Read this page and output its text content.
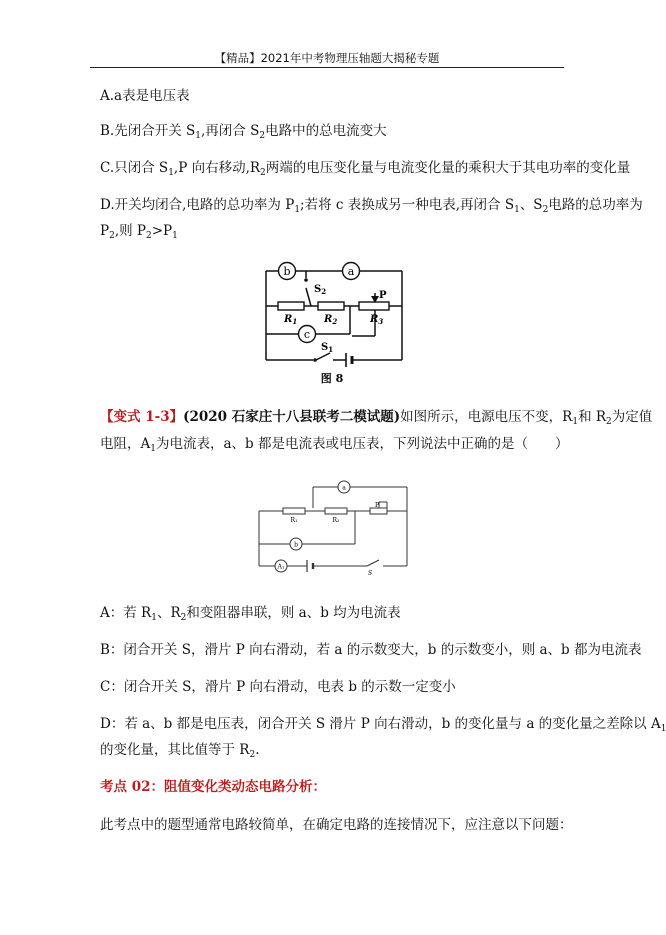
【精品】2021年中考物理压轴题大揭秘专题
A.a表是电压表
B.先闭合开关 $S_1$,再闭合 $S_2$电路中的总电流变大
C.只闭合 $S_1,P$ 向右移动$,R_2$两端的电压变化量与电流变化量的乘积大于其电功率的变化量
D.开关均闭合,电路的总功率为 $P_1$;若将 c 表换成另一种电表,再闭合 $S_1$、$S_2$电路的总功率为
$P_2$,则 $P_2>P_1$
b	a
c
$S_2$	P
$R_1$	$R_2$	$R_3$
$S_1$
图 8
【变式 1-3】(2020 石家庄十八县联考二模试题)如图所示，电源电压不变，$R_1$和 $R_2$为定值
电阻，$A_1$为电流表，a、b 都是电流表或电压表，下列说法中正确的是（　　）
a
b
A₁
R₁	R₂
P
S
A：若 $R_1$、$R_2$和变阻器串联，则 a、b 均为电流表
B：闭合开关 S，滑片 P 向右滑动，若 a 的示数变大，b 的示数变小，则 a、b 都为电流表
C：闭合开关 S，滑片 P 向右滑动，电表 b 的示数一定变小
D：若 a、b 都是电压表，闭合开关 S 滑片 P 向右滑动，b 的变化量与 a 的变化量之差除以 $A_1$
的变化量，其比值等于 $R_2$.
考点 02：阻值变化类动态电路分析：
此考点中的题型通常电路较简单，在确定电路的连接情况下，应注意以下问题：
